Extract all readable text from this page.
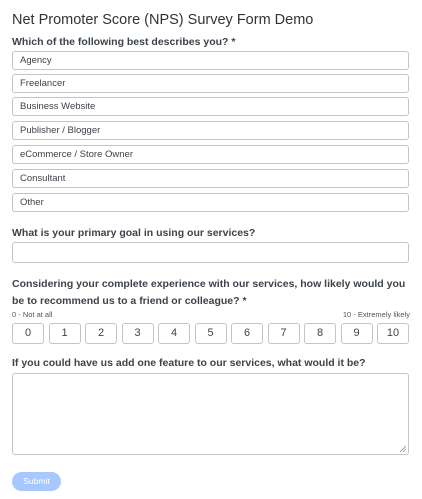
Net Promoter Score (NPS) Survey Form Demo
Which of the following best describes you? *
Agency
Freelancer
Business Website
Publisher / Blogger
eCommerce / Store Owner
Consultant
Other
What is your primary goal in using our services?
Considering your complete experience with our services, how likely would you be to recommend us to a friend or colleague? *
0 - Not at all	10 - Extremely likely
0	1	2	3	4	5	6	7	8	9	10
If you could have us add one feature to our services, what would it be?
Submit
